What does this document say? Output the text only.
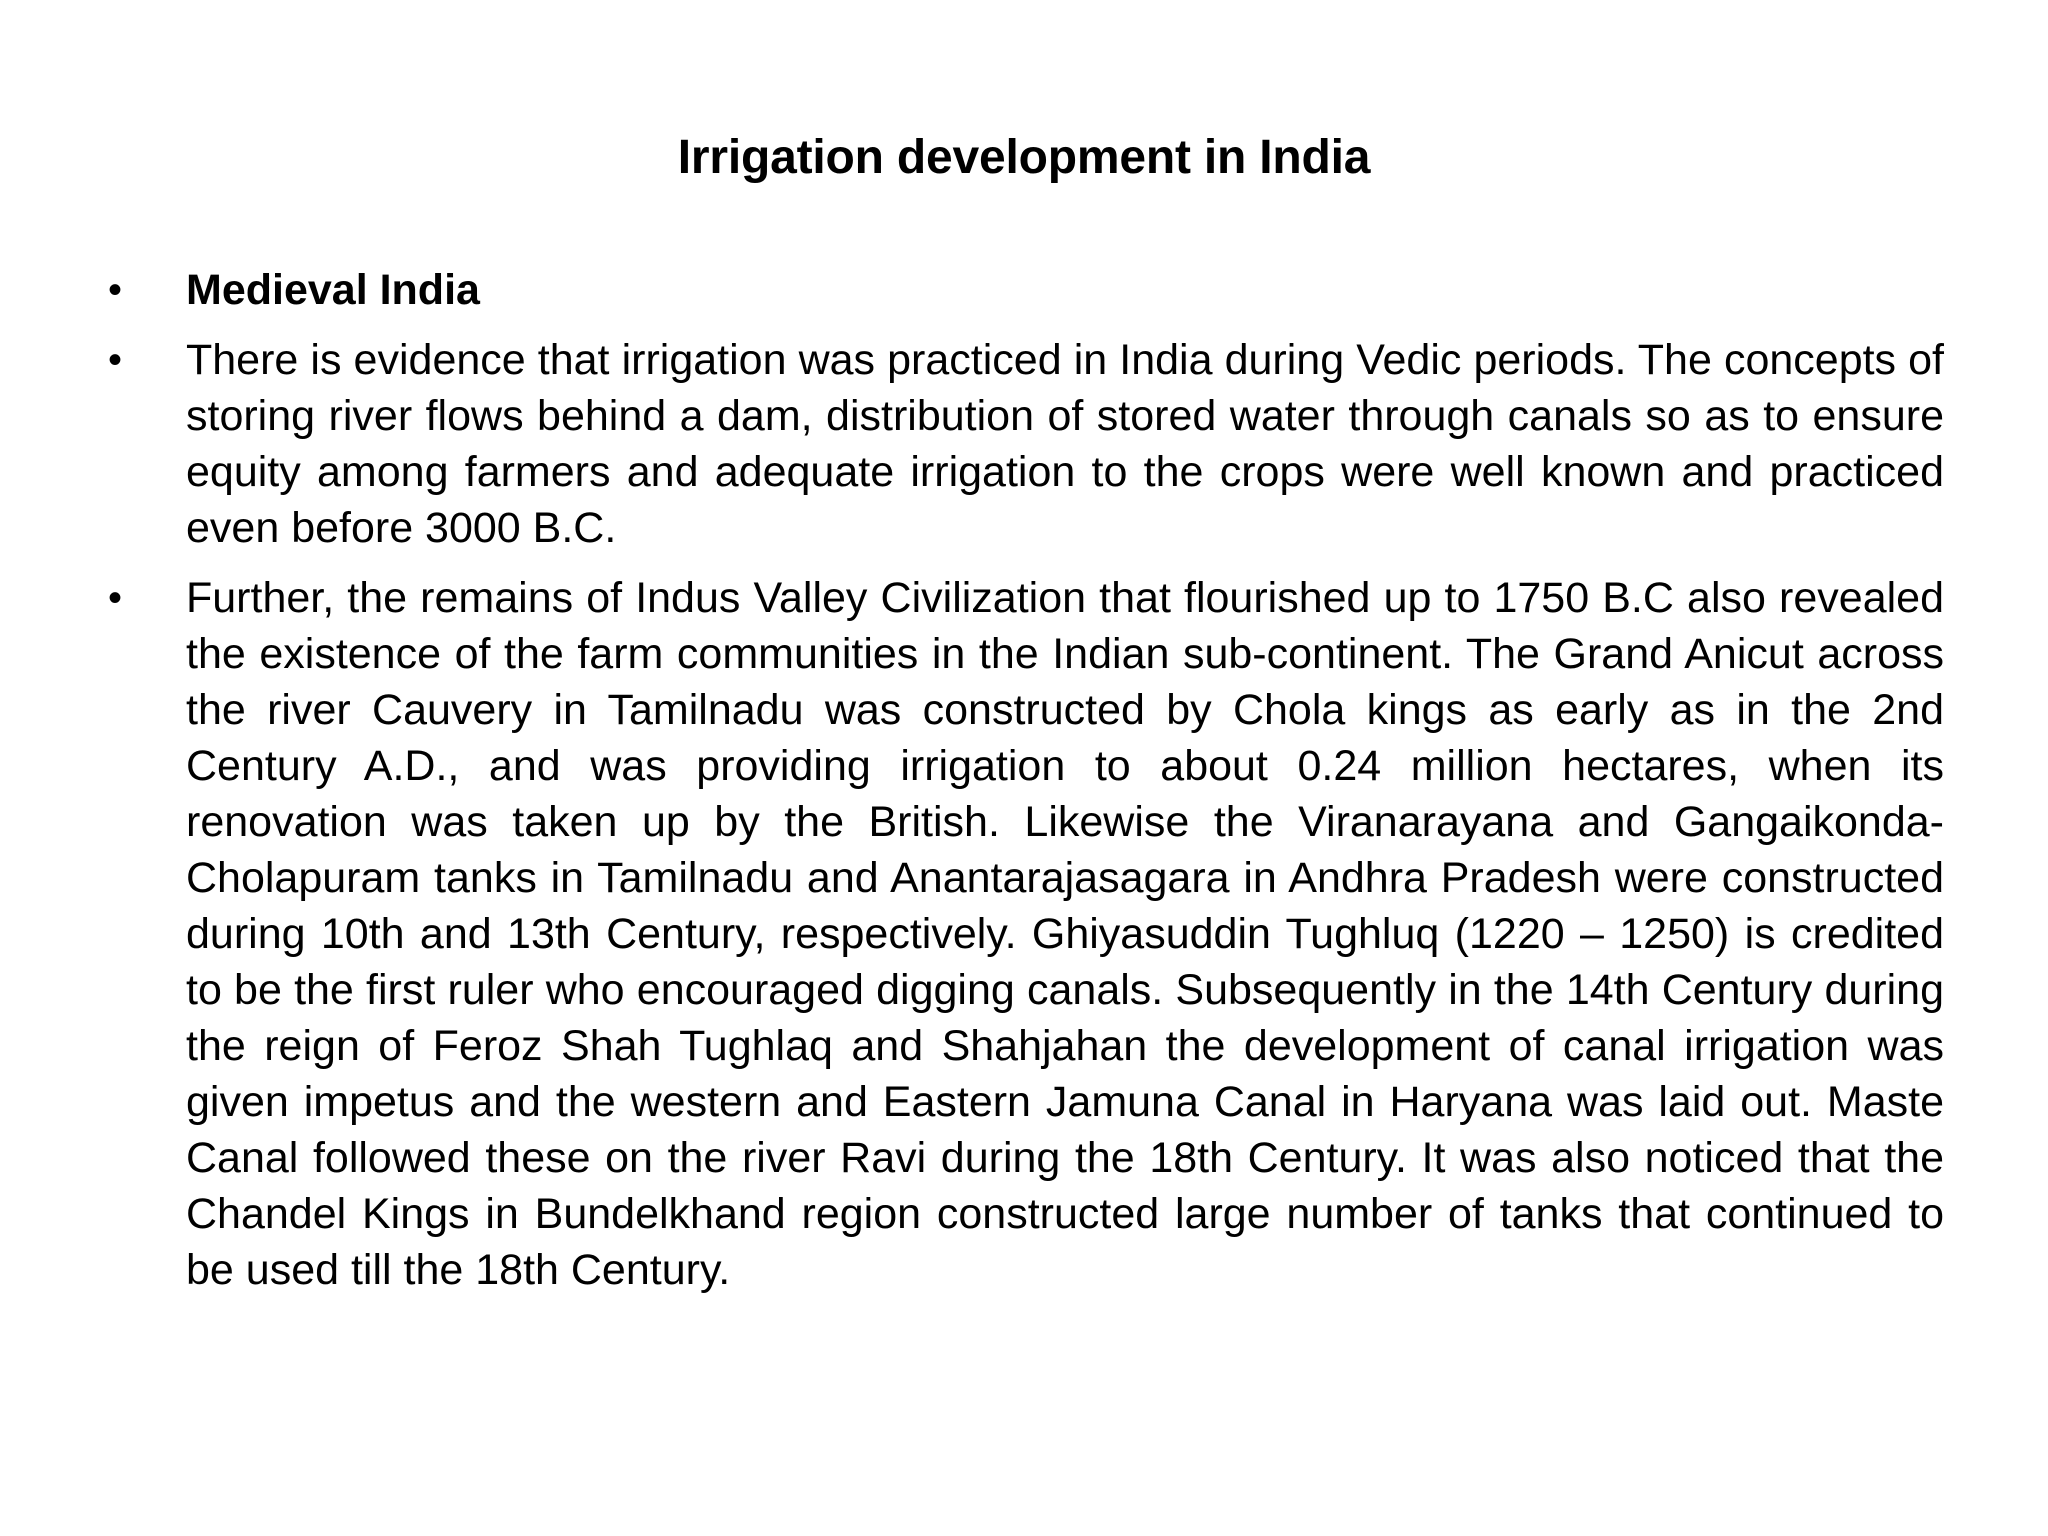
Irrigation development in India
•	Medieval India
•	There is evidence that irrigation was practiced in India during Vedic periods. The concepts of storing river flows behind a dam, distribution of stored water through canals so as to ensure equity among farmers and adequate irrigation to the crops were well known and practiced even before 3000 B.C.
•	Further, the remains of Indus Valley Civilization that flourished up to 1750 B.C also revealed the existence of the farm communities in the Indian sub-continent. The Grand Anicut across the river Cauvery in Tamilnadu was constructed by Chola kings as early as in the 2nd Century A.D., and was providing irrigation to about 0.24 million hectares, when its renovation was taken up by the British. Likewise the Viranarayana and Gangaikonda- Cholapuram tanks in Tamilnadu and Anantarajasagara in Andhra Pradesh were constructed during 10th and 13th Century, respectively. Ghiyasuddin Tughluq (1220 – 1250) is credited to be the first ruler who encouraged digging canals. Subsequently in the 14th Century during the reign of Feroz Shah Tughlaq and Shahjahan the development of canal irrigation was given impetus and the western and Eastern Jamuna Canal in Haryana was laid out. Maste Canal followed these on the river Ravi during the 18th Century. It was also noticed that the Chandel Kings in Bundelkhand region constructed large number of tanks that continued to be used till the 18th Century.
